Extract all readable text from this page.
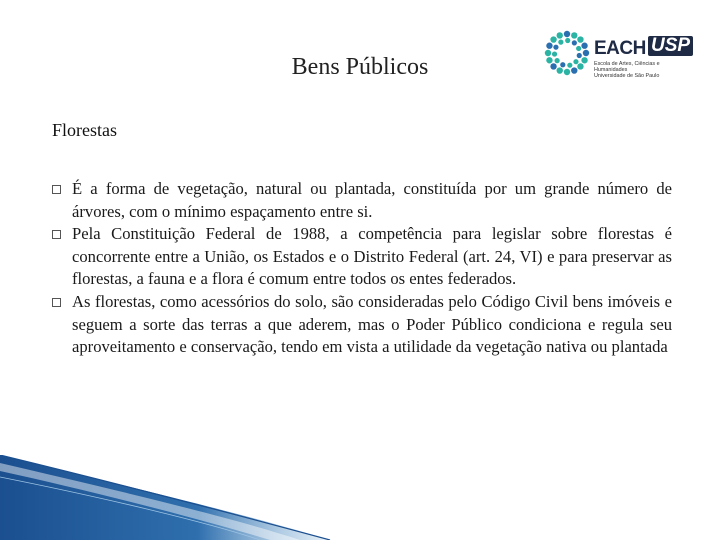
Bens Públicos
EACH USP
Escola de Artes, Ciências e Humanidades
Universidade de São Paulo
Florestas
É a forma de vegetação, natural ou plantada, constituída por um grande número de árvores, com o mínimo espaçamento entre si.
Pela Constituição Federal de 1988, a competência para legislar sobre florestas é concorrente entre a União, os Estados e o Distrito Federal (art. 24, VI) e para preservar as florestas, a fauna e a flora é comum entre todos os entes federados.
As florestas, como acessórios do solo, são consideradas pelo Código Civil bens imóveis e seguem a sorte das terras a que aderem, mas o Poder Público condiciona e regula seu aproveitamento e conservação, tendo em vista a utilidade da vegetação nativa ou plantada
